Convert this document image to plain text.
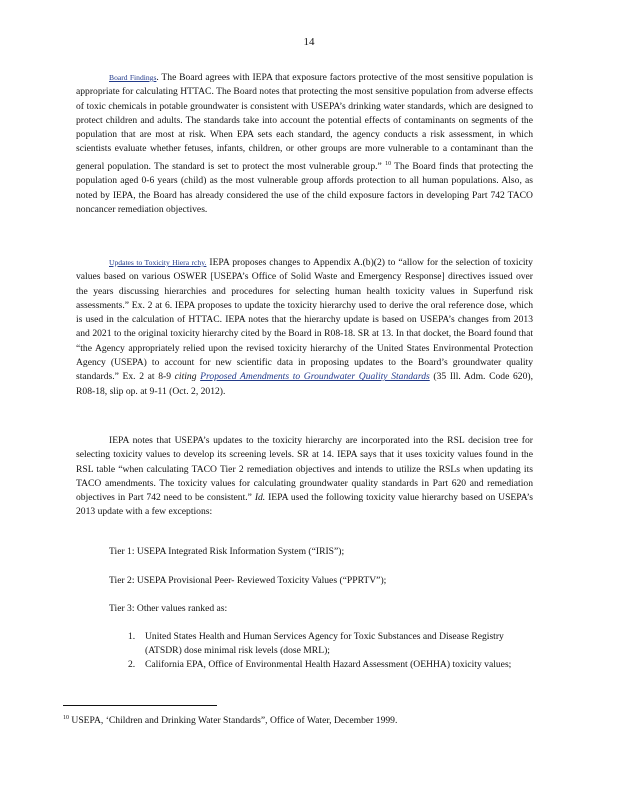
14

Board Findings. The Board agrees with IEPA that exposure factors protective of the most sensitive population is appropriate for calculating HTTAC. The Board notes that protecting the most sensitive population from adverse effects of toxic chemicals in potable groundwater is consistent with USEPA’s drinking water standards, which are designed to protect children and adults. The standards take into account the potential effects of contaminants on segments of the population that are most at risk. When EPA sets each standard, the agency conducts a risk assessment, in which scientists evaluate whether fetuses, infants, children, or other groups are more vulnerable to a contaminant than the general population. The standard is set to protect the most vulnerable group.” $^{10}$ The Board finds that protecting the population aged 0-6 years (child) as the most vulnerable group affords protection to all human populations. Also, as noted by IEPA, the Board has already considered the use of the child exposure factors in developing Part 742 TACO noncancer remediation objectives.

Updates to Toxicity Hiera rchy. IEPA proposes changes to Appendix A.(b)(2) to “allow for the selection of toxicity values based on various OSWER [USEPA’s Office of Solid Waste and Emergency Response] directives issued over the years discussing hierarchies and procedures for selecting human health toxicity values in Superfund risk assessments.” Ex. 2 at 6. IEPA proposes to update the toxicity hierarchy used to derive the oral reference dose, which is used in the calculation of HTTAC. IEPA notes that the hierarchy update is based on USEPA’s changes from 2013 and 2021 to the original toxicity hierarchy cited by the Board in R08-18. SR at 13. In that docket, the Board found that “the Agency appropriately relied upon the revised toxicity hierarchy of the United States Environmental Protection Agency (USEPA) to account for new scientific data in proposing updates to the Board’s groundwater quality standards.” Ex. 2 at 8-9 citing Proposed Amendments to Groundwater Quality Standards (35 Ill. Adm. Code 620), R08-18, slip op. at 9-11 (Oct. 2, 2012).

IEPA notes that USEPA’s updates to the toxicity hierarchy are incorporated into the RSL decision tree for selecting toxicity values to develop its screening levels. SR at 14. IEPA says that it uses toxicity values found in the RSL table “when calculating TACO Tier 2 remediation objectives and intends to utilize the RSLs when updating its TACO amendments. The toxicity values for calculating groundwater quality standards in Part 620 and remediation objectives in Part 742 need to be consistent.” Id. IEPA used the following toxicity value hierarchy based on USEPA’s 2013 update with a few exceptions:

Tier 1: USEPA Integrated Risk Information System (“IRIS”);
Tier 2: USEPA Provisional Peer- Reviewed Toxicity Values (“PPRTV”);
Tier 3: Other values ranked as:
1. United States Health and Human Services Agency for Toxic Substances and Disease Registry (ATSDR) dose minimal risk levels (dose MRL);
2. California EPA, Office of Environmental Health Hazard Assessment (OEHHA) toxicity values;
$^{10}$ USEPA, ‘Children and Drinking Water Standards”, Office of Water, December 1999.
